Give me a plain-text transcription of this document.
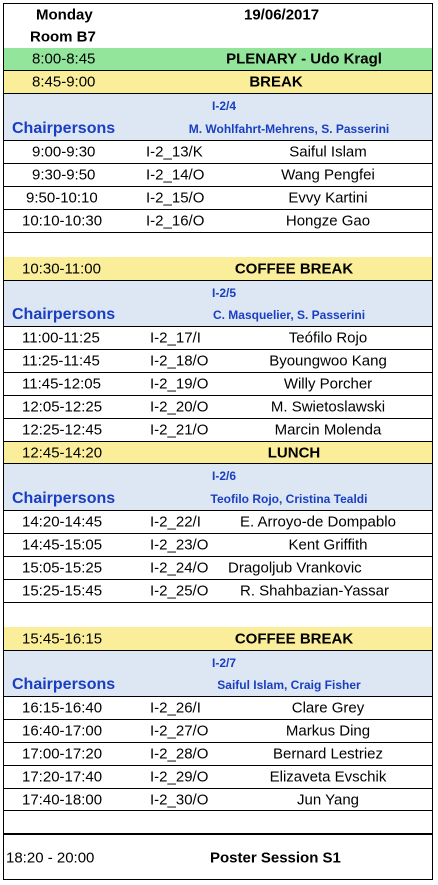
Monday	19/06/2017
Room B7
8:00-8:45	PLENARY - Udo Kragl
8:45-9:00	BREAK
I-2/4
Chairpersons	M. Wohlfahrt-Mehrens, S. Passerini
9:00-9:30	I-2_13/K	Saiful Islam
9:30-9:50	I-2_14/O	Wang Pengfei
9:50-10:10	I-2_15/O	Evvy Kartini
10:10-10:30	I-2_16/O	Hongze Gao
10:30-11:00	COFFEE BREAK
I-2/5
Chairpersons	C. Masquelier, S. Passerini
11:00-11:25	I-2_17/I	Teófilo Rojo
11:25-11:45	I-2_18/O	Byoungwoo Kang
11:45-12:05	I-2_19/O	Willy Porcher
12:05-12:25	I-2_20/O	M. Swietoslawski
12:25-12:45	I-2_21/O	Marcin Molenda
12:45-14:20	LUNCH
I-2/6
Chairpersons	Teofilo Rojo, Cristina Tealdi
14:20-14:45	I-2_22/I	E. Arroyo-de Dompablo
14:45-15:05	I-2_23/O	Kent Griffith
15:05-15:25	I-2_24/O Dragoljub Vrankovic
15:25-15:45	I-2_25/O R. Shahbazian-Yassar
15:45-16:15	COFFEE BREAK
I-2/7
Chairpersons	Saiful Islam, Craig Fisher
16:15-16:40	I-2_26/I	Clare Grey
16:40-17:00	I-2_27/O	Markus Ding
17:00-17:20	I-2_28/O	Bernard Lestriez
17:20-17:40	I-2_29/O	Elizaveta Evschik
17:40-18:00	I-2_30/O	Jun Yang
18:20 - 20:00	Poster Session S1
